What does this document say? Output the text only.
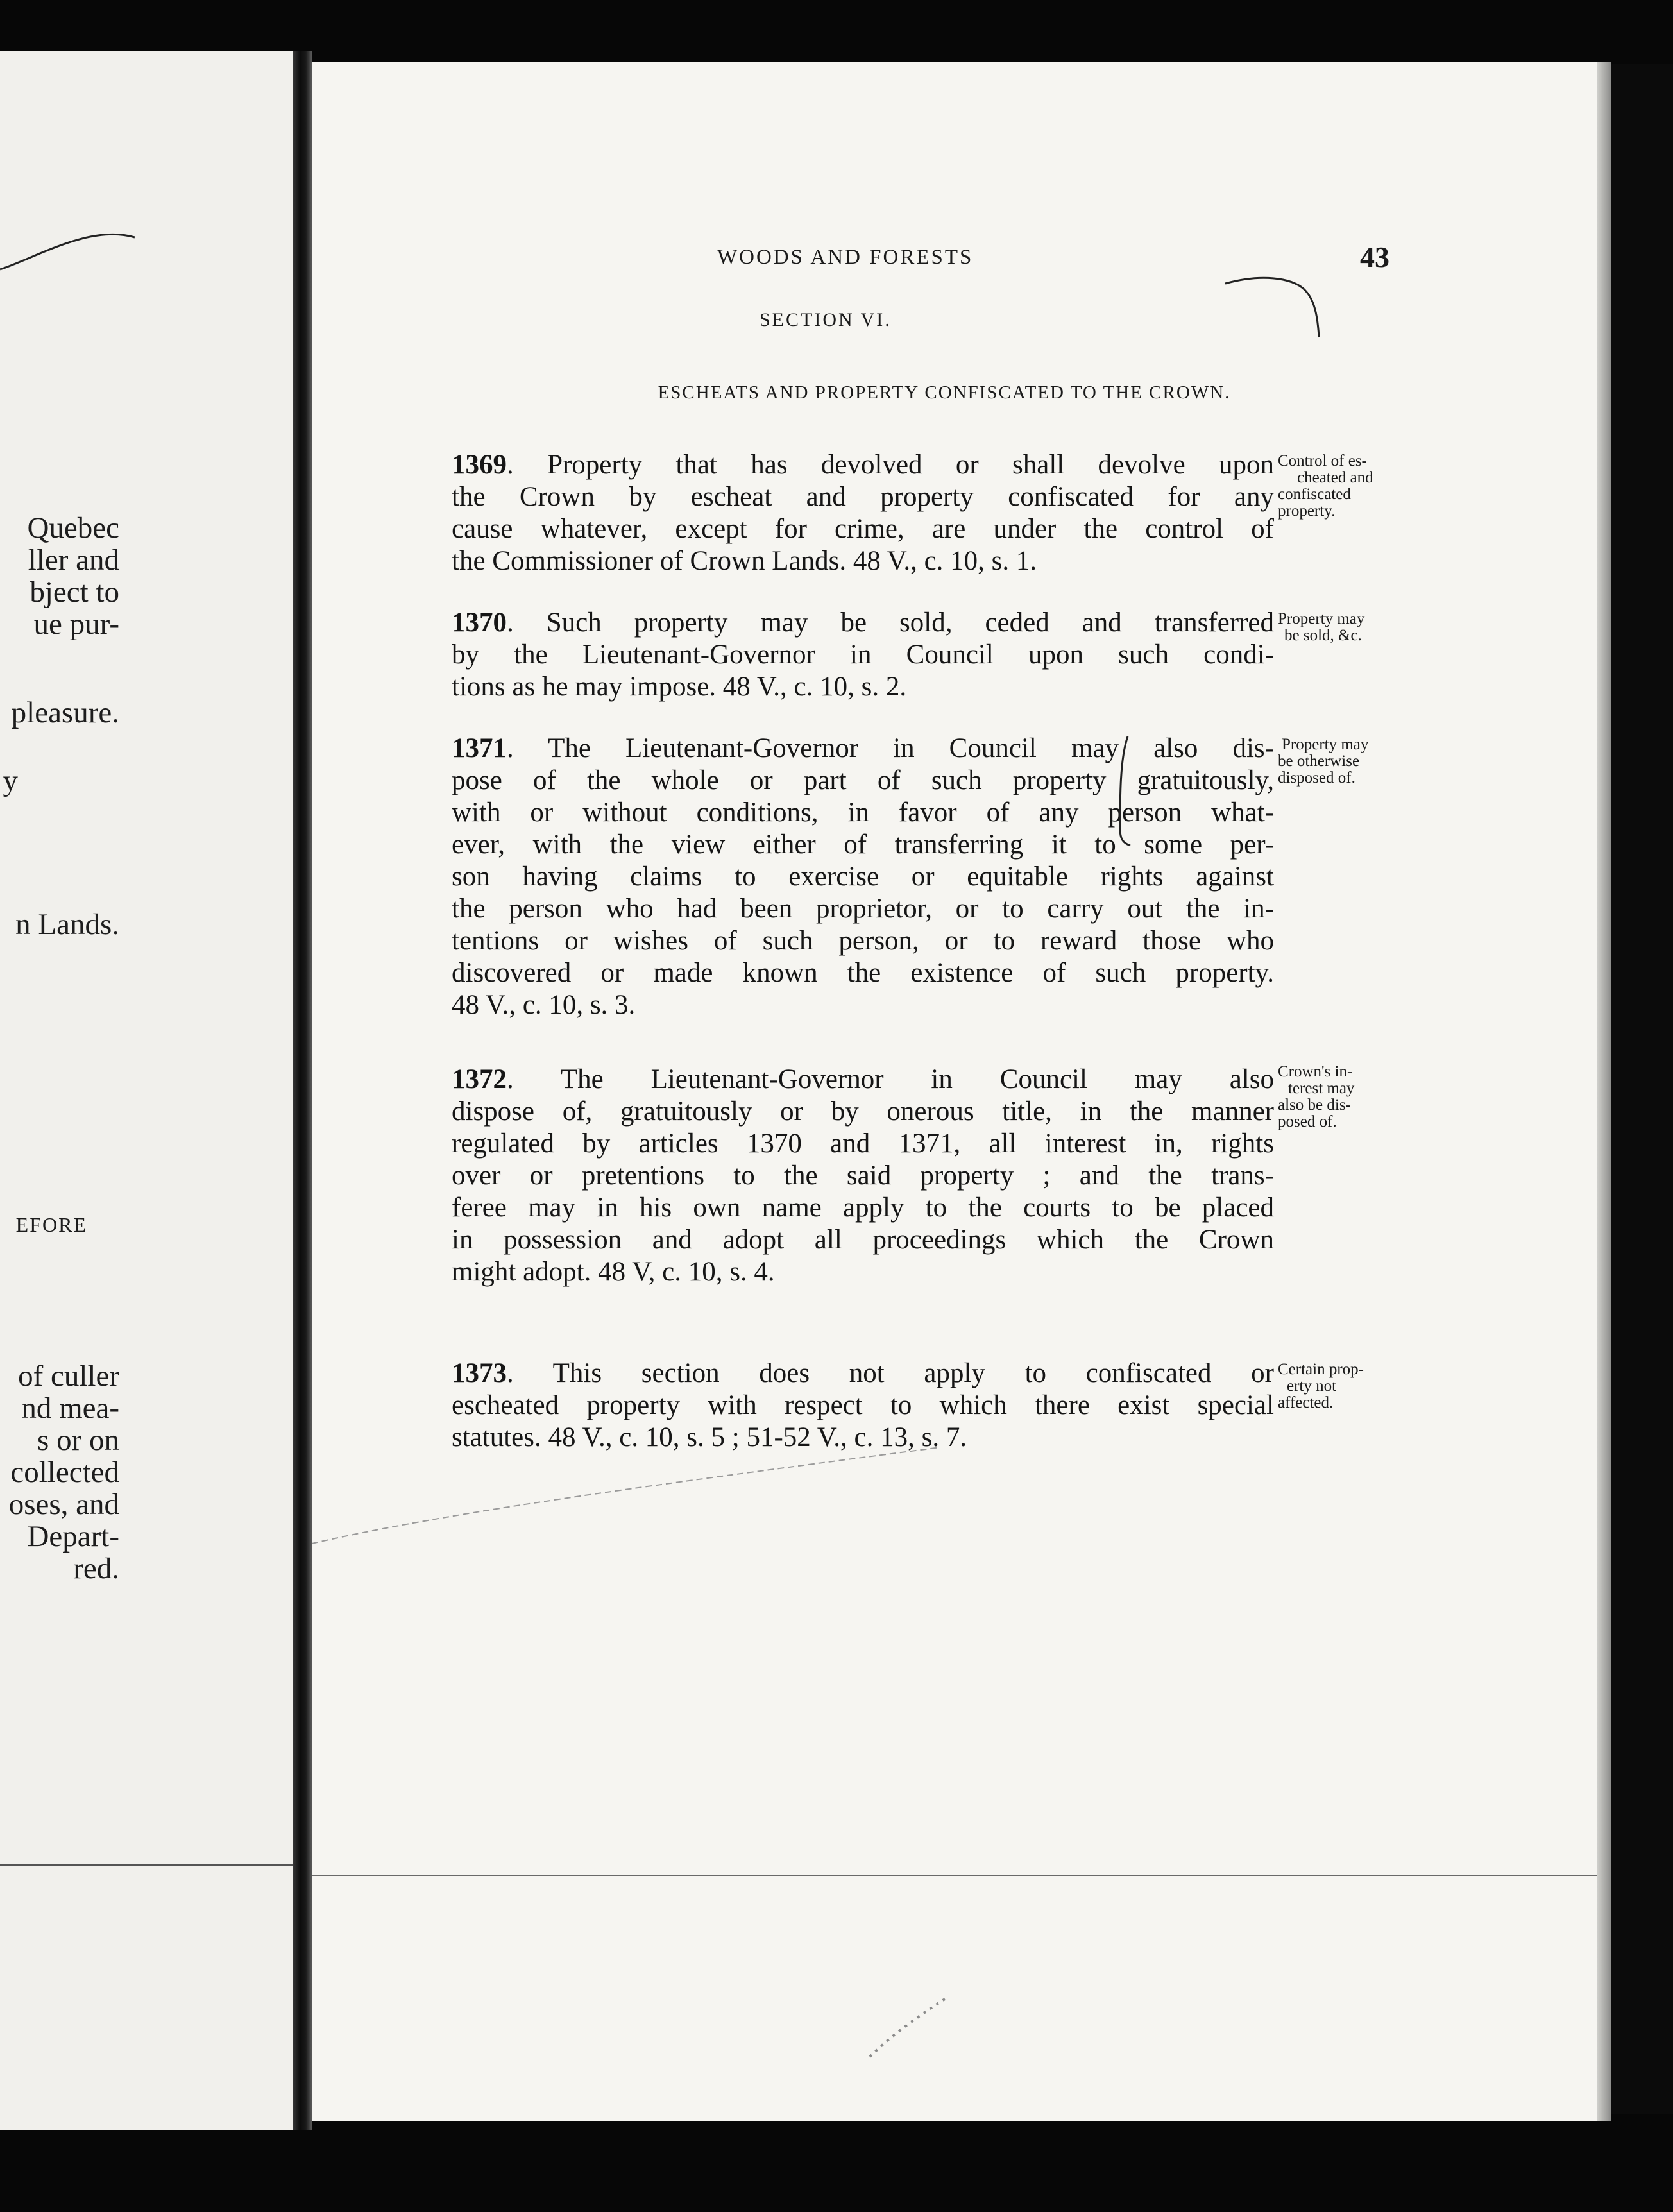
Quebec
ller and
bject to
ue pur-
pleasure.
y
n Lands.
EFORE
of culler
nd mea-
s or on
collected
oses, and
Depart-
red.
WOODS AND FORESTS	43
SECTION VI.
ESCHEATS AND PROPERTY CONFISCATED TO THE CROWN.
1369. Property that has devolved or shall devolve upon
the Crown by escheat and property confiscated for any
cause whatever, except for crime, are under the control of
the Commissioner of Crown Lands. 48 V., c. 10, s. 1.
Control of es-
cheated and
confiscated
property.
1370. Such property may be sold, ceded and transferred
by the Lieutenant-Governor in Council upon such condi-
tions as he may impose. 48 V., c. 10, s. 2.
Property may
be sold, &c.
1371. The Lieutenant-Governor in Council may also dis-
pose of the whole or part of such property gratuitously,
with or without conditions, in favor of any person what-
ever, with the view either of transferring it to some per-
son having claims to exercise or equitable rights against
the person who had been proprietor, or to carry out the in-
tentions or wishes of such person, or to reward those who
discovered or made known the existence of such property.
48 V., c. 10, s. 3.
Property may
be otherwise
disposed of.
1372. The Lieutenant-Governor in Council may also
dispose of, gratuitously or by onerous title, in the manner
regulated by articles 1370 and 1371, all interest in, rights
over or pretentions to the said property ; and the trans-
feree may in his own name apply to the courts to be placed
in possession and adopt all proceedings which the Crown
might adopt. 48 V, c. 10, s. 4.
Crown's in-
terest may
also be dis-
posed of.
1373. This section does not apply to confiscated or
escheated property with respect to which there exist special
statutes. 48 V., c. 10, s. 5 ; 51-52 V., c. 13, s. 7.
Certain prop-
erty not
affected.
